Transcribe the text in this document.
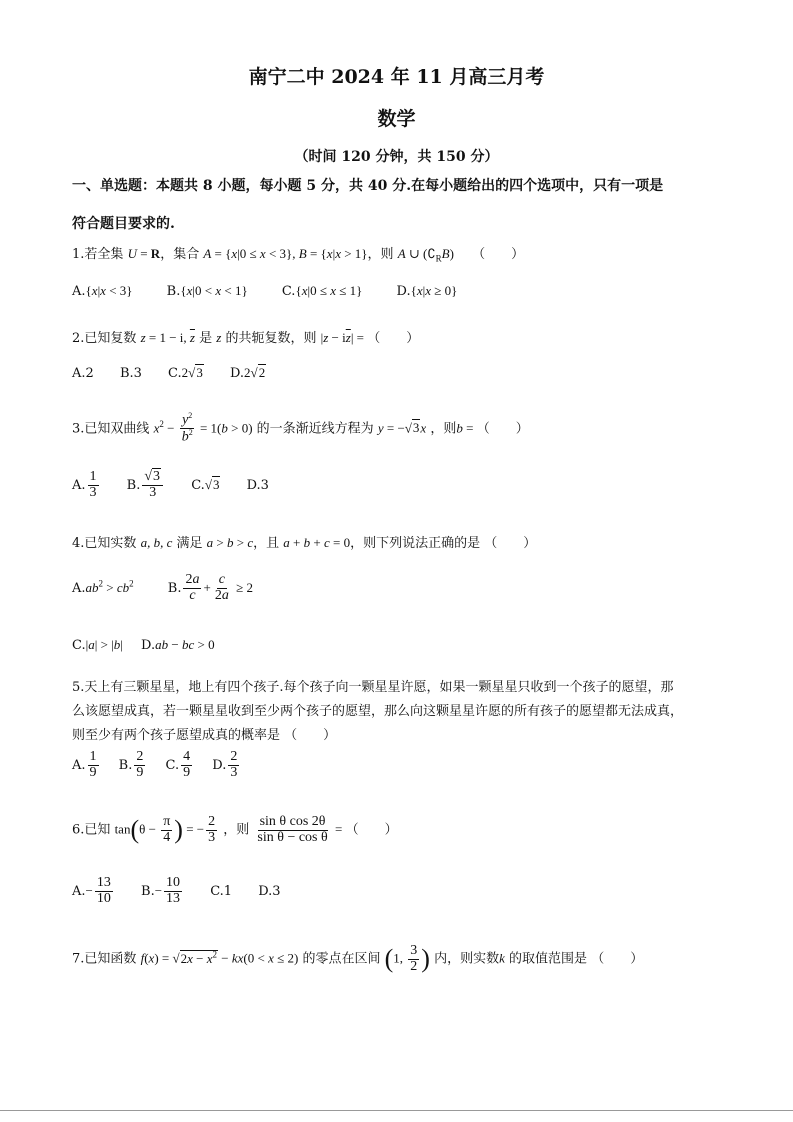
南宁二中 2024 年 11 月高三月考
数学
（时间 120 分钟，共 150 分）
一、单选题：本题共 8 小题，每小题 5 分，共 40 分.在每小题给出的四个选项中，只有一项是
符合题目要求的.
1.若全集 U = R，集合 A = {x|0 ≤ x < 3}, B = {x|x > 1}，则 A ∪ $(∁_RB)$ （　　）
A.{x|x < 3}	B.{x|0 < x < 1}	C.{x|0 ≤ x ≤ 1}	D.{x|x ≥ 0}
2.已知复数 z = 1 − i, $\overline{z}$ 是 z 的共轭复数，则 $|z - i\overline{z}|$ = （　　）
A.2 B.3 C.2√3 D.2√2
3.已知双曲线 $x^2 - \frac{y^2}{b^2} = 1(b > 0)$ 的一条渐近线方程为 y = −√3x ，则b = （　　）
A. $\frac{1}{3} B$. $\frac{√3}{3} C.√3$ D.3
4.已知实数 a, b, c 满足 a > b > c，且 a + b + c = 0，则下列说法正确的是 （　　）
$A.ab^2 > cb^2$	B. $\frac{2a}{c} + \frac{c}{2a} \ge 2$
C.|a| > |b| D.ab − bc > 0
5.天上有三颗星星，地上有四个孩子.每个孩子向一颗星星许愿，如果一颗星星只收到一个孩子的愿望，那
么该愿望成真，若一颗星星收到至少两个孩子的愿望，那么向这颗星星许愿的所有孩子的愿望都无法成真，
则至少有两个孩子愿望成真的概率是 （　　）
A. $\frac{1}{9} B$. $\frac{2}{9} C$. $\frac{4}{9} D$. $\frac{2}{3}$
6.已知 $\tan(\theta - \frac{\pi}{4}$ ) = − $\frac{2}{3}$ ，则 $\frac{\text{sin θ cos 2θ}}{\text{sin θ − cos θ}}$ = （　　）
$A.- \frac{13}{10} B.- \frac{10}{13} C.1$ D.3
7.已知函数 $f(x) = √2x - x^2 - kx(0 < x \le 2)$ 的零点在区间 (1, $\frac{3}{2}$ ) 内，则实数k 的取值范围是 （　　）
